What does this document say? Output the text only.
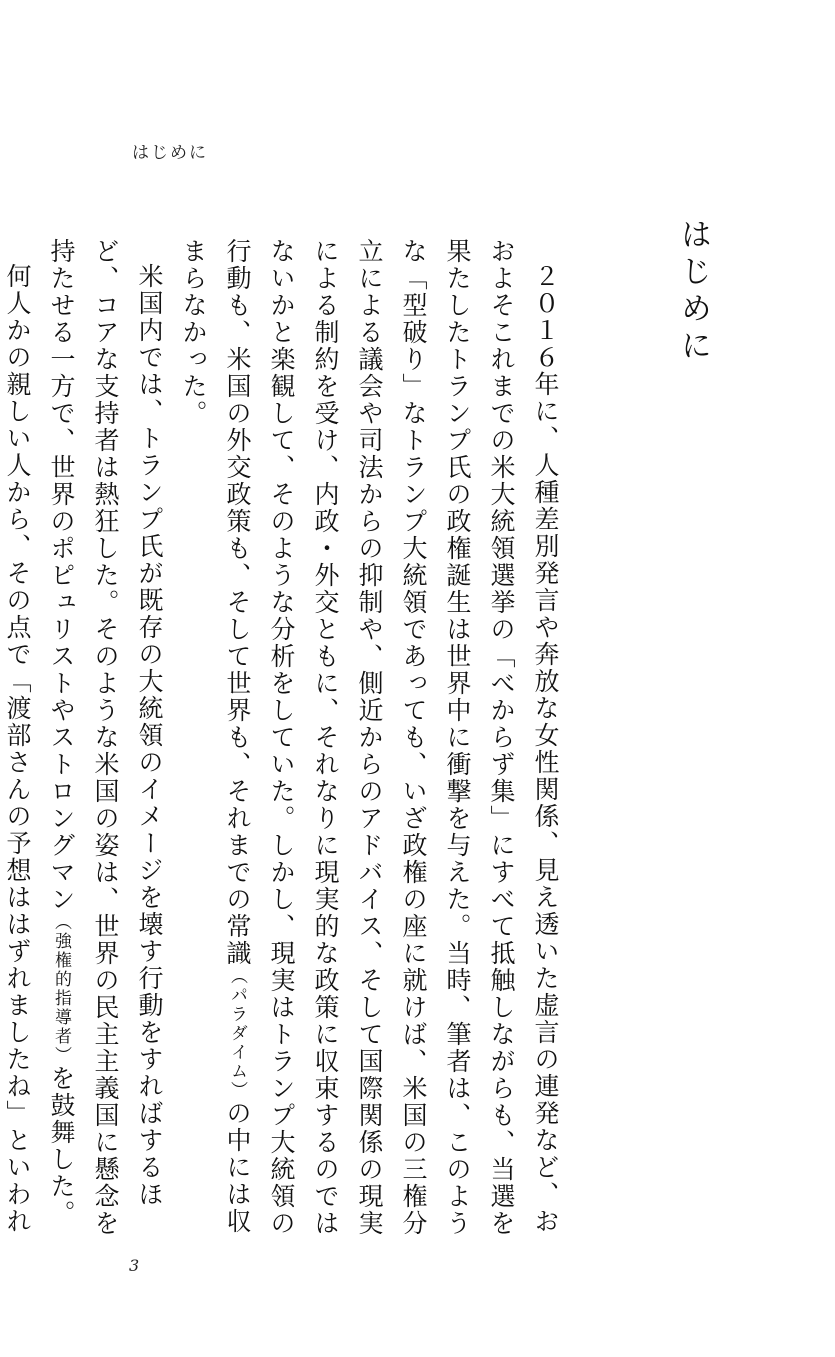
はじめに
はじめに

２０１６年に、人種差別発言や奔放な女性関係、見え透いた虚言の連発など、おおよそこれまでの米大統領選挙の「べからず集」にすべて抵触しながらも、当選を果たしたトランプ氏の政権誕生は世界中に衝撃を与えた。当時、筆者は、このような「型破り」なトランプ大統領であっても、いざ政権の座に就けば、米国の三権分立による議会や司法からの抑制や、側近からのアドバイス、そして国際関係の現実による制約を受け、内政・外交ともに、それなりに現実的な政策に収束するのではないかと楽観して、そのような分析をしていた。しかし、現実はトランプ大統領の行動も、米国の外交政策も、そして世界も、それまでの常識（パラダイム）の中には収まらなかった。

米国内では、トランプ氏が既存の大統領のイメージを壊す行動をすればするほど、コアな支持者は熱狂した。そのような米国の姿は、世界の民主主義国に懸念を持たせる一方で、世界のポピュリストやストロングマン（強権的指導者）を鼓舞した。

何人かの親しい人から、その点で「渡部さんの予想ははずれましたね」といわれ

3
